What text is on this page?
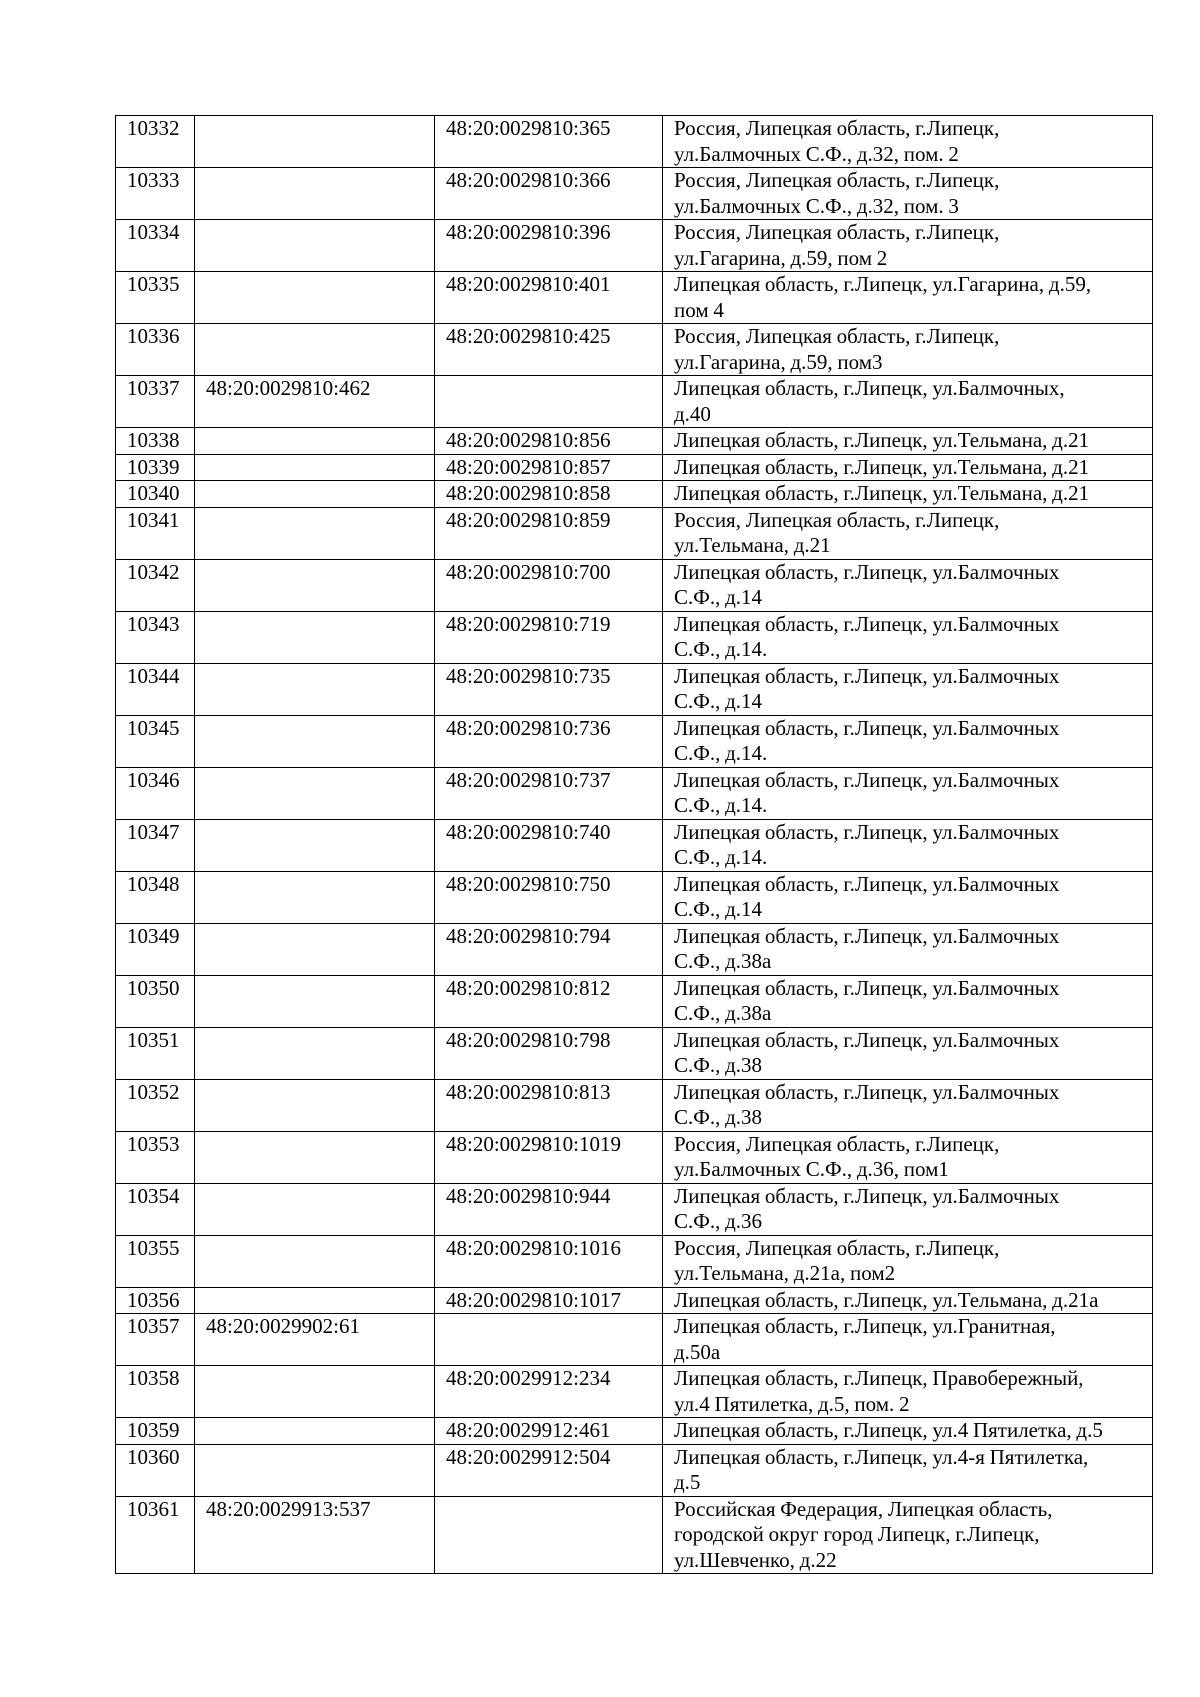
10332		48:20:0029810:365	Россия, Липецкая область, г.Липецк,
ул.Балмочных С.Ф., д.32, пом. 2

10333		48:20:0029810:366	Россия, Липецкая область, г.Липецк,
ул.Балмочных С.Ф., д.32, пом. 3

10334		48:20:0029810:396	Россия, Липецкая область, г.Липецк,
ул.Гагарина, д.59, пом 2

10335		48:20:0029810:401	Липецкая область, г.Липецк, ул.Гагарина, д.59,
пом 4

10336		48:20:0029810:425	Россия, Липецкая область, г.Липецк,
ул.Гагарина, д.59, пом3

10337	48:20:0029810:462		Липецкая область, г.Липецк, ул.Балмочных,
д.40

10338		48:20:0029810:856	Липецкая область, г.Липецк, ул.Тельмана, д.21

10339		48:20:0029810:857	Липецкая область, г.Липецк, ул.Тельмана, д.21

10340		48:20:0029810:858	Липецкая область, г.Липецк, ул.Тельмана, д.21

10341		48:20:0029810:859	Россия, Липецкая область, г.Липецк,
ул.Тельмана, д.21

10342		48:20:0029810:700	Липецкая область, г.Липецк, ул.Балмочных
С.Ф., д.14

10343		48:20:0029810:719	Липецкая область, г.Липецк, ул.Балмочных
С.Ф., д.14.

10344		48:20:0029810:735	Липецкая область, г.Липецк, ул.Балмочных
С.Ф., д.14

10345		48:20:0029810:736	Липецкая область, г.Липецк, ул.Балмочных
С.Ф., д.14.

10346		48:20:0029810:737	Липецкая область, г.Липецк, ул.Балмочных
С.Ф., д.14.

10347		48:20:0029810:740	Липецкая область, г.Липецк, ул.Балмочных
С.Ф., д.14.

10348		48:20:0029810:750	Липецкая область, г.Липецк, ул.Балмочных
С.Ф., д.14

10349		48:20:0029810:794	Липецкая область, г.Липецк, ул.Балмочных
С.Ф., д.38а

10350		48:20:0029810:812	Липецкая область, г.Липецк, ул.Балмочных
С.Ф., д.38а

10351		48:20:0029810:798	Липецкая область, г.Липецк, ул.Балмочных
С.Ф., д.38

10352		48:20:0029810:813	Липецкая область, г.Липецк, ул.Балмочных
С.Ф., д.38

10353		48:20:0029810:1019	Россия, Липецкая область, г.Липецк,
ул.Балмочных С.Ф., д.36, пом1

10354		48:20:0029810:944	Липецкая область, г.Липецк, ул.Балмочных
С.Ф., д.36

10355		48:20:0029810:1016	Россия, Липецкая область, г.Липецк,
ул.Тельмана, д.21а, пом2

10356		48:20:0029810:1017	Липецкая область, г.Липецк, ул.Тельмана, д.21а

10357	48:20:0029902:61		Липецкая область, г.Липецк, ул.Гранитная,
д.50а

10358		48:20:0029912:234	Липецкая область, г.Липецк, Правобережный,
ул.4 Пятилетка, д.5, пом. 2

10359		48:20:0029912:461	Липецкая область, г.Липецк, ул.4 Пятилетка, д.5

10360		48:20:0029912:504	Липецкая область, г.Липецк, ул.4-я Пятилетка,
д.5

10361	48:20:0029913:537		Российская Федерация, Липецкая область,
городской округ город Липецк, г.Липецк,
ул.Шевченко, д.22
